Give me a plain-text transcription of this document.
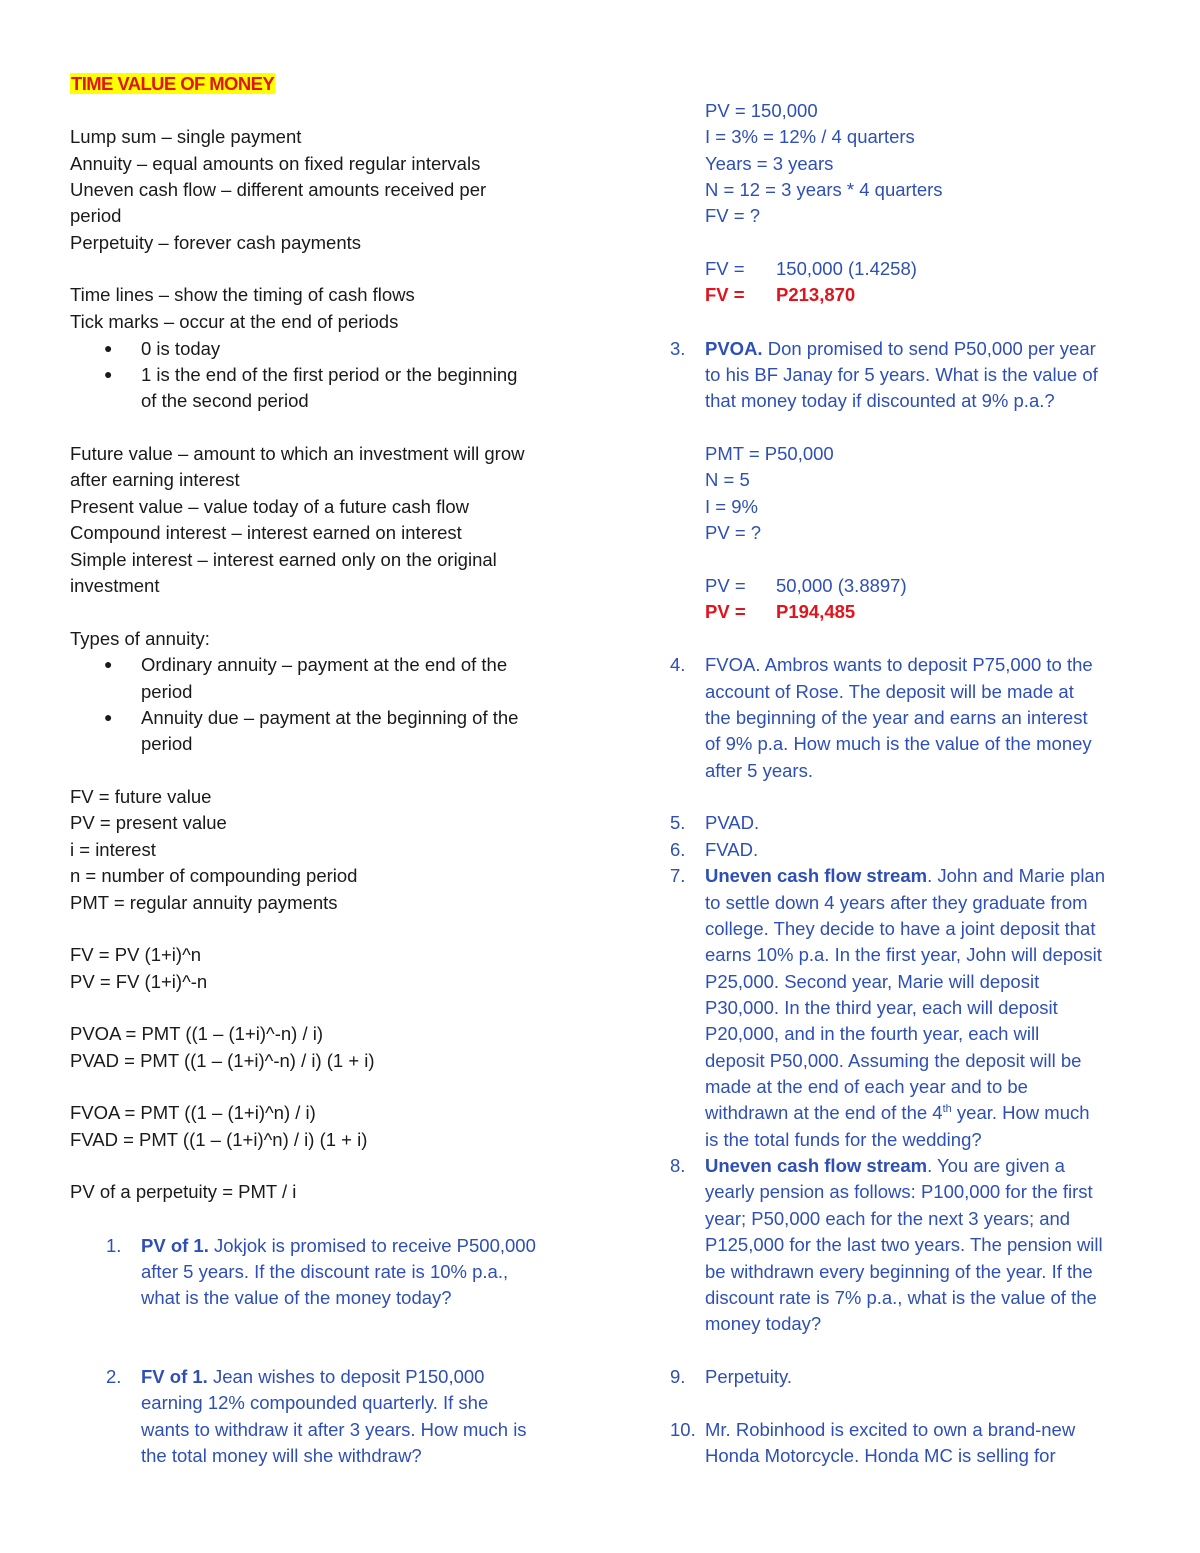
TIME VALUE OF MONEY
Lump sum – single payment
Annuity – equal amounts on fixed regular intervals
Uneven cash flow – different amounts received per
period
Perpetuity – forever cash payments
Time lines – show the timing of cash flows
Tick marks – occur at the end of periods
● 0 is today
● 1 is the end of the first period or the beginning
of the second period
Future value – amount to which an investment will grow
after earning interest
Present value – value today of a future cash flow
Compound interest – interest earned on interest
Simple interest – interest earned only on the original
investment
Types of annuity:
● Ordinary annuity – payment at the end of the
period
● Annuity due – payment at the beginning of the
period
FV = future value
PV = present value
i = interest
n = number of compounding period
PMT = regular annuity payments
FV = PV (1+i)^n
PV = FV (1+i)^-n
PVOA = PMT ((1 – (1+i)^-n) / i)
PVAD = PMT ((1 – (1+i)^-n) / i) (1 + i)
FVOA = PMT ((1 – (1+i)^n) / i)
FVAD = PMT ((1 – (1+i)^n) / i) (1 + i)
PV of a perpetuity = PMT / i
1. PV of 1. Jokjok is promised to receive P500,000
after 5 years. If the discount rate is 10% p.a.,
what is the value of the money today?
2. FV of 1. Jean wishes to deposit P150,000
earning 12% compounded quarterly. If she
wants to withdraw it after 3 years. How much is
the total money will she withdraw?
PV = 150,000
I = 3% = 12% / 4 quarters
Years = 3 years
N = 12 = 3 years * 4 quarters
FV = ?
FV = 150,000 (1.4258)
FV = P213,870
3. PVOA. Don promised to send P50,000 per year
to his BF Janay for 5 years. What is the value of
that money today if discounted at 9% p.a.?
PMT = P50,000
N = 5
I = 9%
PV = ?
PV = 50,000 (3.8897)
PV = P194,485
4. FVOA. Ambros wants to deposit P75,000 to the
account of Rose. The deposit will be made at
the beginning of the year and earns an interest
of 9% p.a. How much is the value of the money
after 5 years.
5. PVAD.
6. FVAD.
7. Uneven cash flow stream. John and Marie plan
to settle down 4 years after they graduate from
college. They decide to have a joint deposit that
earns 10% p.a. In the first year, John will deposit
P25,000. Second year, Marie will deposit
P30,000. In the third year, each will deposit
P20,000, and in the fourth year, each will
deposit P50,000. Assuming the deposit will be
made at the end of each year and to be
withdrawn at the end of the 4th year. How much
is the total funds for the wedding?
8. Uneven cash flow stream. You are given a
yearly pension as follows: P100,000 for the first
year; P50,000 each for the next 3 years; and
P125,000 for the last two years. The pension will
be withdrawn every beginning of the year. If the
discount rate is 7% p.a., what is the value of the
money today?
9. Perpetuity.
10. Mr. Robinhood is excited to own a brand-new
Honda Motorcycle. Honda MC is selling for
